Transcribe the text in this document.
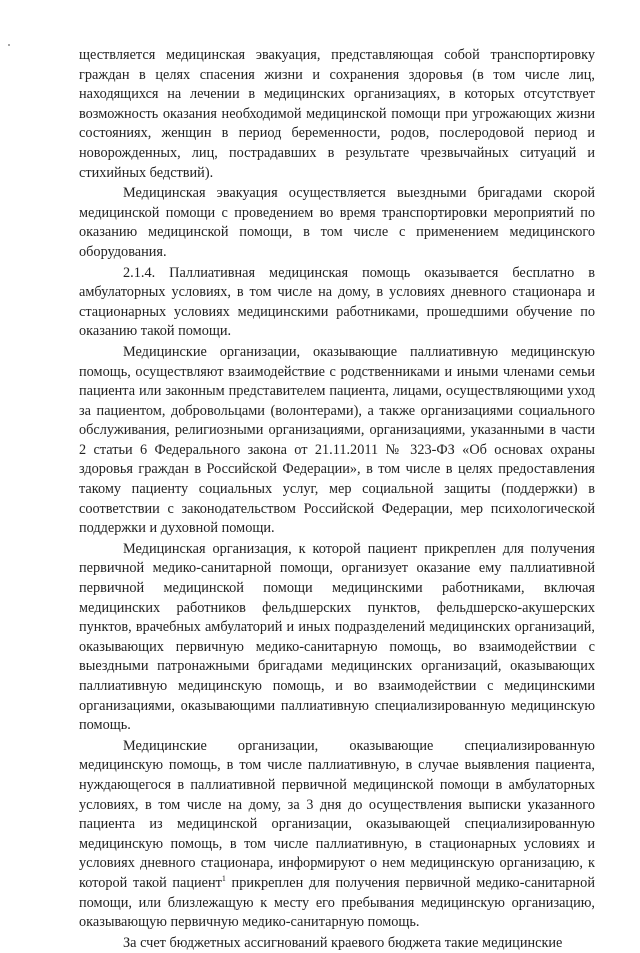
ществляется медицинская эвакуация, представляющая собой транспортировку граждан в целях спасения жизни и сохранения здоровья (в том числе лиц, находящихся на лечении в медицинских организациях, в которых отсутствует возможность оказания необходимой медицинской помощи при угрожающих жизни состояниях, женщин в период беременности, родов, послеродовой период и новорожденных, лиц, пострадавших в результате чрезвычайных ситуаций и стихийных бедствий).

Медицинская эвакуация осуществляется выездными бригадами скорой медицинской помощи с проведением во время транспортировки мероприятий по оказанию медицинской помощи, в том числе с применением медицинского оборудования.

2.1.4. Паллиативная медицинская помощь оказывается бесплатно в амбулаторных условиях, в том числе на дому, в условиях дневного стационара и стационарных условиях медицинскими работниками, прошедшими обучение по оказанию такой помощи.

Медицинские организации, оказывающие паллиативную медицинскую помощь, осуществляют взаимодействие с родственниками и иными членами семьи пациента или законным представителем пациента, лицами, осуществляющими уход за пациентом, добровольцами (волонтерами), а также организациями социального обслуживания, религиозными организациями, организациями, указанными в части 2 статьи 6 Федерального закона от 21.11.2011 № 323-ФЗ «Об основах охраны здоровья граждан в Российской Федерации», в том числе в целях предоставления такому пациенту социальных услуг, мер социальной защиты (поддержки) в соответствии с законодательством Российской Федерации, мер психологической поддержки и духовной помощи.

Медицинская организация, к которой пациент прикреплен для получения первичной медико-санитарной помощи, организует оказание ему паллиативной первичной медицинской помощи медицинскими работниками, включая медицинских работников фельдшерских пунктов, фельдшерско-акушерских пунктов, врачебных амбулаторий и иных подразделений медицинских организаций, оказывающих первичную медико-санитарную помощь, во взаимодействии с выездными патронажными бригадами медицинских организаций, оказывающих паллиативную медицинскую помощь, и во взаимодействии с медицинскими организациями, оказывающими паллиативную специализированную медицинскую помощь.

Медицинские организации, оказывающие специализированную медицинскую помощь, в том числе паллиативную, в случае выявления пациента, нуждающегося в паллиативной первичной медицинской помощи в амбулаторных условиях, в том числе на дому, за 3 дня до осуществления выписки указанного пациента из медицинской организации, оказывающей специализированную медицинскую помощь, в том числе паллиативную, в стационарных условиях и условиях дневного стационара, информируют о нем медицинскую организацию, к которой такой пациент$^1$ прикреплен для получения первичной медико-санитарной помощи, или близлежащую к месту его пребывания медицинскую организацию, оказывающую первичную медико-санитарную помощь.

За счет бюджетных ассигнований краевого бюджета такие медицинские
